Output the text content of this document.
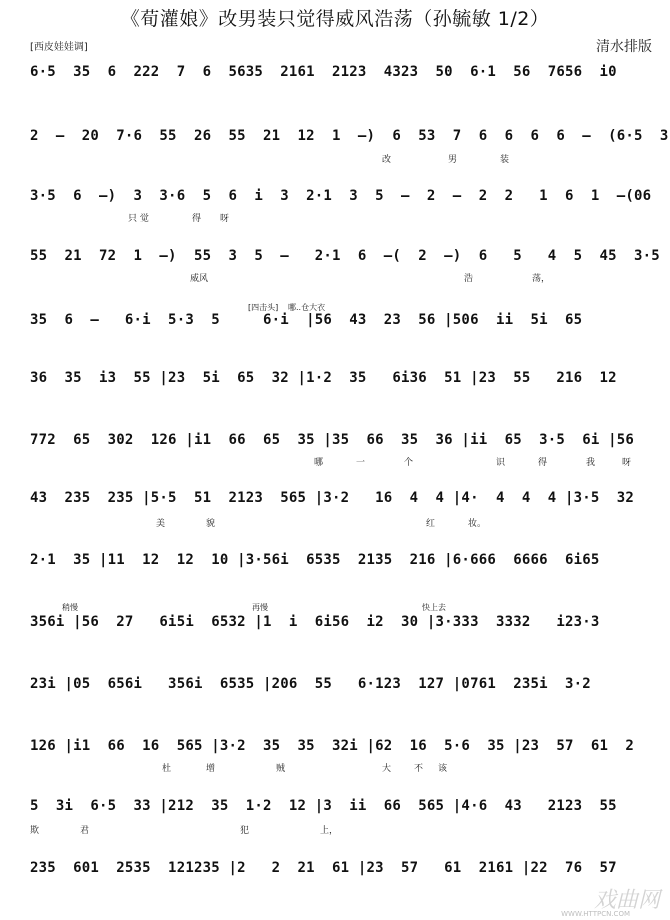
《荀灌娘》改男装只觉得威风浩荡（孙毓敏 1/2）
[西皮娃娃调]	清水排版
6·5  35  6  222  7  6  5635  2161  2123  4323  50  6·1  56  7656  i0
2  —  20  7·6  55  26  55  21  12  1  —)  6  53  7  6  6  6  6  —  (6·5  3
改	男	装
3·5  6  —)  3  3·6  5  6  i  3  2·1  3  5  —  2  —  2  2   1  6  1  —(06
只 觉	得 呀
55  21  72  1  —)  55  3  5  —   2·1  6  —(  2  —)  6   5   4  5  45  3·5
威风	浩	荡，
[四击头] 哪..仓大衣
35  6  —   6·i  5·3  5     6·i  |56  43  23  56 |506  ii  5i  65
36  35  i3  55 |23  5i  65  32 |1·2  35   6i36  51 |23  55   216  12
772  65  302  126 |i1  66  65  35 |35  66  35  36 |ii  65  3·5  6i |56
哪	一	个	识	得	我	呀
43  235  235 |5·5  51  2123  565 |3·2   16  4  4 |4·  4  4  4 |3·5  32
美	貌	红	妆。
2·1  35 |11  12  12  10 |3·56i  6535  2135  216 |6·666  6666  6i65
稍慢	再慢	快上去
356i |56  27   6i5i  6532 |1  i  6i56  i2  30 |3·333  3332   i23·3
23i |05  656i   356i  6535 |206  55   6·123  127 |0761  235i  3·2
126 |i1  66  16  565 |3·2  35  35  32i |62  16  5·6  35 |23  57  61  2
杜	增	贼	大	不 该
5  3i  6·5  33 |212  35  1·2  12 |3  ii  66  565 |4·6  43   2123  55
欺	君	犯	上，
235  601  2535  121235 |2   2  21  61 |23  57   61  2161 |22  76  57
戏曲网
WWW.HTTPCN.COM
